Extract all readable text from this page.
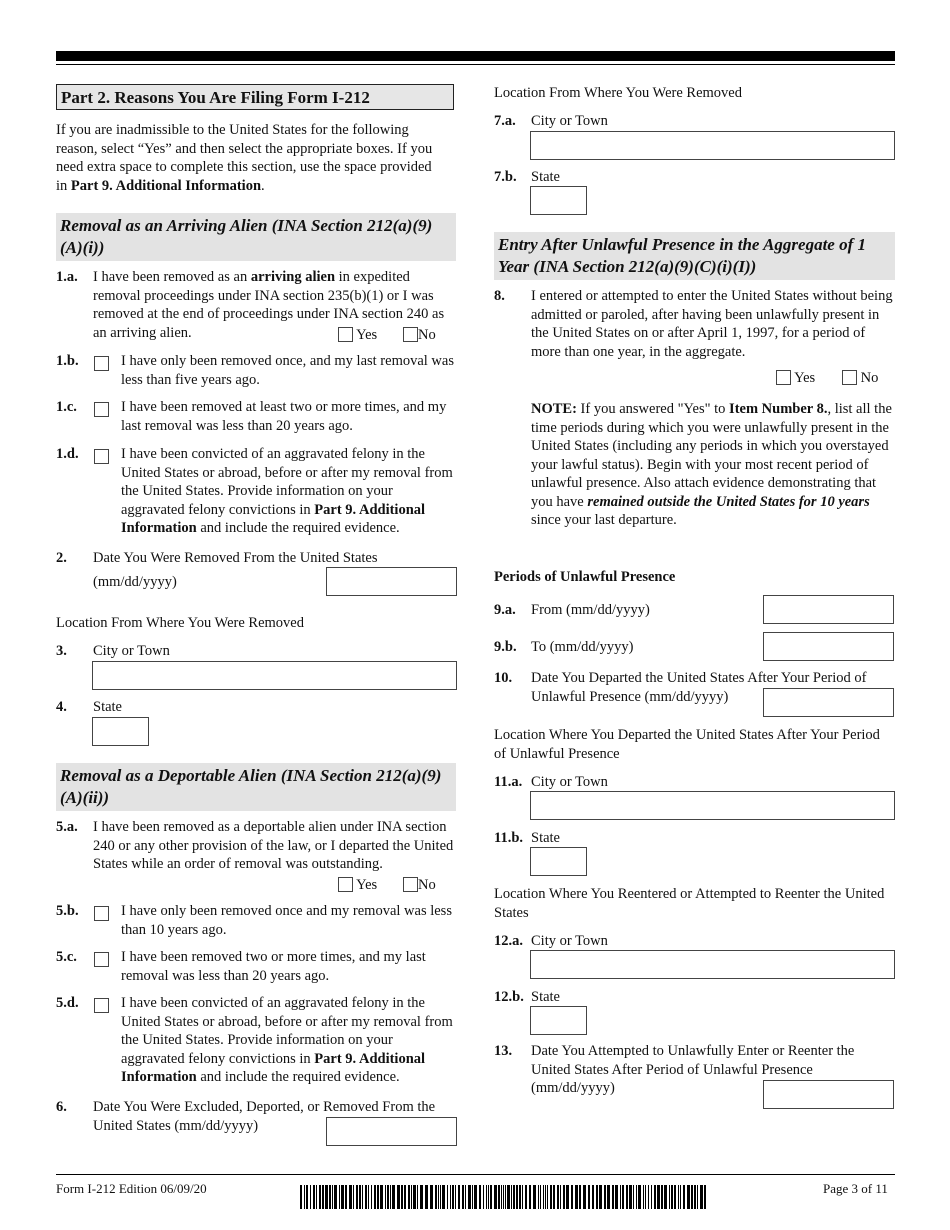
Part 2. Reasons You Are Filing Form I-212
If you are inadmissible to the United States for the following reason, select “Yes” and then select the appropriate boxes. If you need extra space to complete this section, use the space provided in Part 9. Additional Information.
Removal as an Arriving Alien (INA Section 212(a)(9)(A)(i))
1.a. I have been removed as an arriving alien in expedited removal proceedings under INA section 235(b)(1) or I was removed at the end of proceedings under INA section 240 as an arriving alien.	Yes	No
1.b.	I have only been removed once, and my last removal was less than five years ago.
1.c.	I have been removed at least two or more times, and my last removal was less than 20 years ago.
1.d.	I have been convicted of an aggravated felony in the United States or abroad, before or after my removal from the United States. Provide information on your aggravated felony convictions in Part 9. Additional Information and include the required evidence.
2. Date You Were Removed From the United States
(mm/dd/yyyy)
Location From Where You Were Removed
3. City or Town
4. State
Removal as a Deportable Alien (INA Section 212(a)(9)(A)(ii))
5.a. I have been removed as a deportable alien under INA section 240 or any other provision of the law, or I departed the United States while an order of removal was outstanding.
Yes	No
5.b.	I have only been removed once and my removal was less than 10 years ago.
5.c.	I have been removed two or more times, and my last removal was less than 20 years ago.
5.d.	I have been convicted of an aggravated felony in the United States or abroad, before or after my removal from the United States. Provide information on your aggravated felony convictions in Part 9. Additional Information and include the required evidence.
6. Date You Were Excluded, Deported, or Removed From the United States (mm/dd/yyyy)
Location From Where You Were Removed
7.a. City or Town
7.b. State
Entry After Unlawful Presence in the Aggregate of 1 Year (INA Section 212(a)(9)(C)(i)(I))
8. I entered or attempted to enter the United States without being admitted or paroled, after having been unlawfully present in the United States on or after April 1, 1997, for a period of more than one year, in the aggregate.
Yes	No
NOTE: If you answered "Yes" to Item Number 8., list all the time periods during which you were unlawfully present in the United States (including any periods in which you overstayed your lawful status). Begin with your most recent period of unlawful presence. Also attach evidence demonstrating that you have remained outside the United States for 10 years since your last departure.
Periods of Unlawful Presence
9.a. From (mm/dd/yyyy)
9.b. To (mm/dd/yyyy)
10. Date You Departed the United States After Your Period of Unlawful Presence (mm/dd/yyyy)
Location Where You Departed the United States After Your Period of Unlawful Presence
11.a. City or Town
11.b. State
Location Where You Reentered or Attempted to Reenter the United States
12.a. City or Town
12.b. State
13. Date You Attempted to Unlawfully Enter or Reenter the United States After Period of Unlawful Presence (mm/dd/yyyy)
Form I-212 Edition 06/09/20	Page 3 of 11
